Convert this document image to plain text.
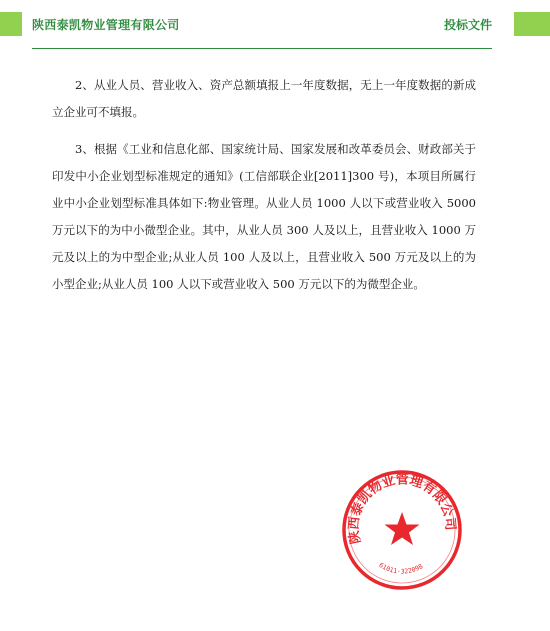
陕西泰凯物业管理有限公司	投标文件

2、从业人员、营业收入、资产总额填报上一年度数据，无上一年度数据的新成立企业可不填报。

3、根据《工业和信息化部、国家统计局、国家发展和改革委员会、财政部关于印发中小企业划型标准规定的通知》(工信部联企业[2011]300 号)，本项目所属行业中小企业划型标准具体如下:物业管理。从业人员 1000 人以下或营业收入 5000 万元以下的为中小微型企业。其中，从业人员 300 人及以上，且营业收入 1000 万元及以上的为中型企业;从业人员 100 人及以上，且营业收入 500 万元及以上的为小型企业;从业人员 100 人以下或营业收入 500 万元以下的为微型企业。

陕西泰凯物业管理有限公司
61011·322098
